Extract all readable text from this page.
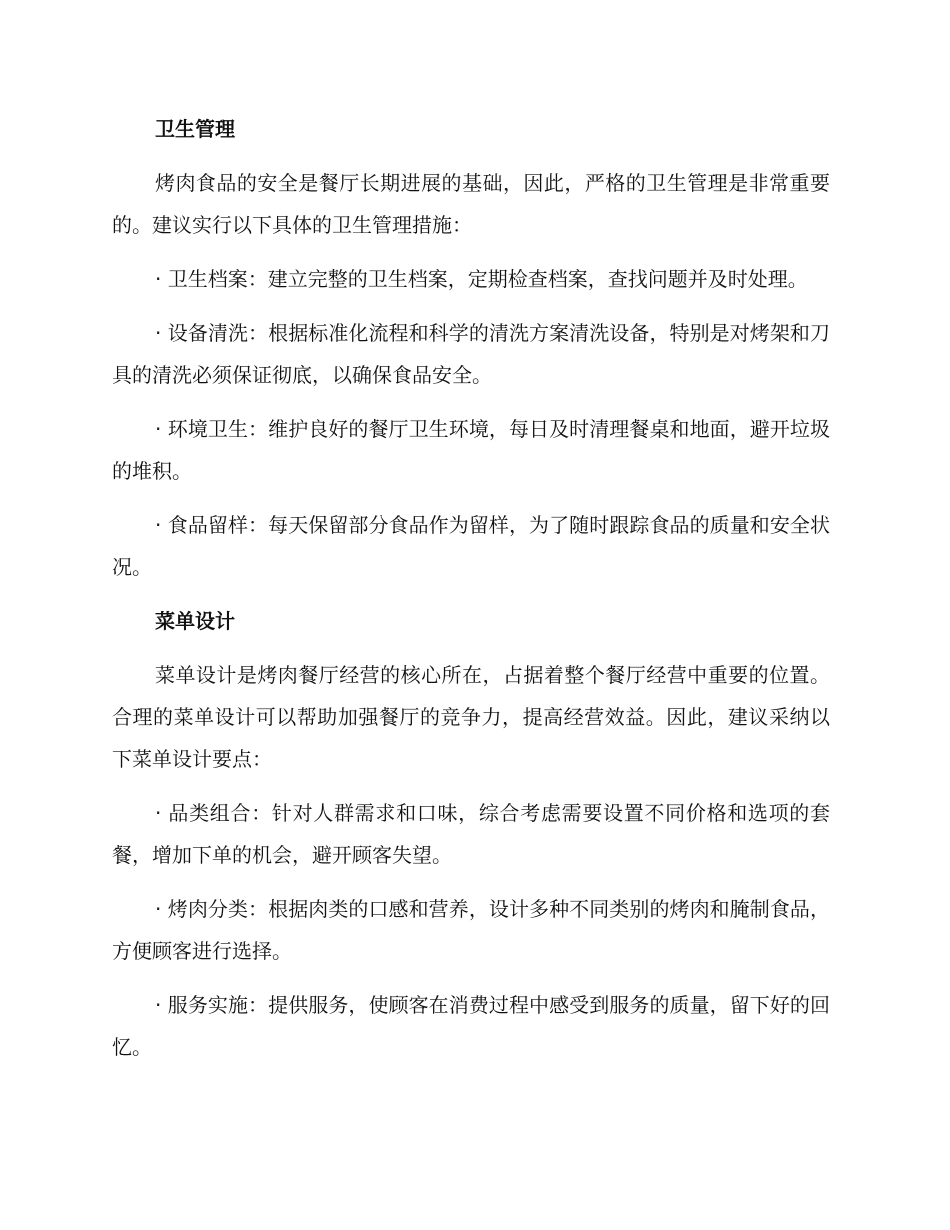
卫生管理

烤肉食品的安全是餐厅长期进展的基础，因此，严格的卫生管理是非常重要的。建议实行以下具体的卫生管理措施：

· 卫生档案：建立完整的卫生档案，定期检查档案，查找问题并及时处理。

· 设备清洗：根据标准化流程和科学的清洗方案清洗设备，特别是对烤架和刀具的清洗必须保证彻底，以确保食品安全。

· 环境卫生：维护良好的餐厅卫生环境，每日及时清理餐桌和地面，避开垃圾的堆积。

· 食品留样：每天保留部分食品作为留样，为了随时跟踪食品的质量和安全状况。

菜单设计

菜单设计是烤肉餐厅经营的核心所在，占据着整个餐厅经营中重要的位置。合理的菜单设计可以帮助加强餐厅的竞争力，提高经营效益。因此，建议采纳以下菜单设计要点：

· 品类组合：针对人群需求和口味，综合考虑需要设置不同价格和选项的套餐，增加下单的机会，避开顾客失望。

· 烤肉分类：根据肉类的口感和营养，设计多种不同类别的烤肉和腌制食品，方便顾客进行选择。

· 服务实施：提供服务，使顾客在消费过程中感受到服务的质量，留下好的回忆。
